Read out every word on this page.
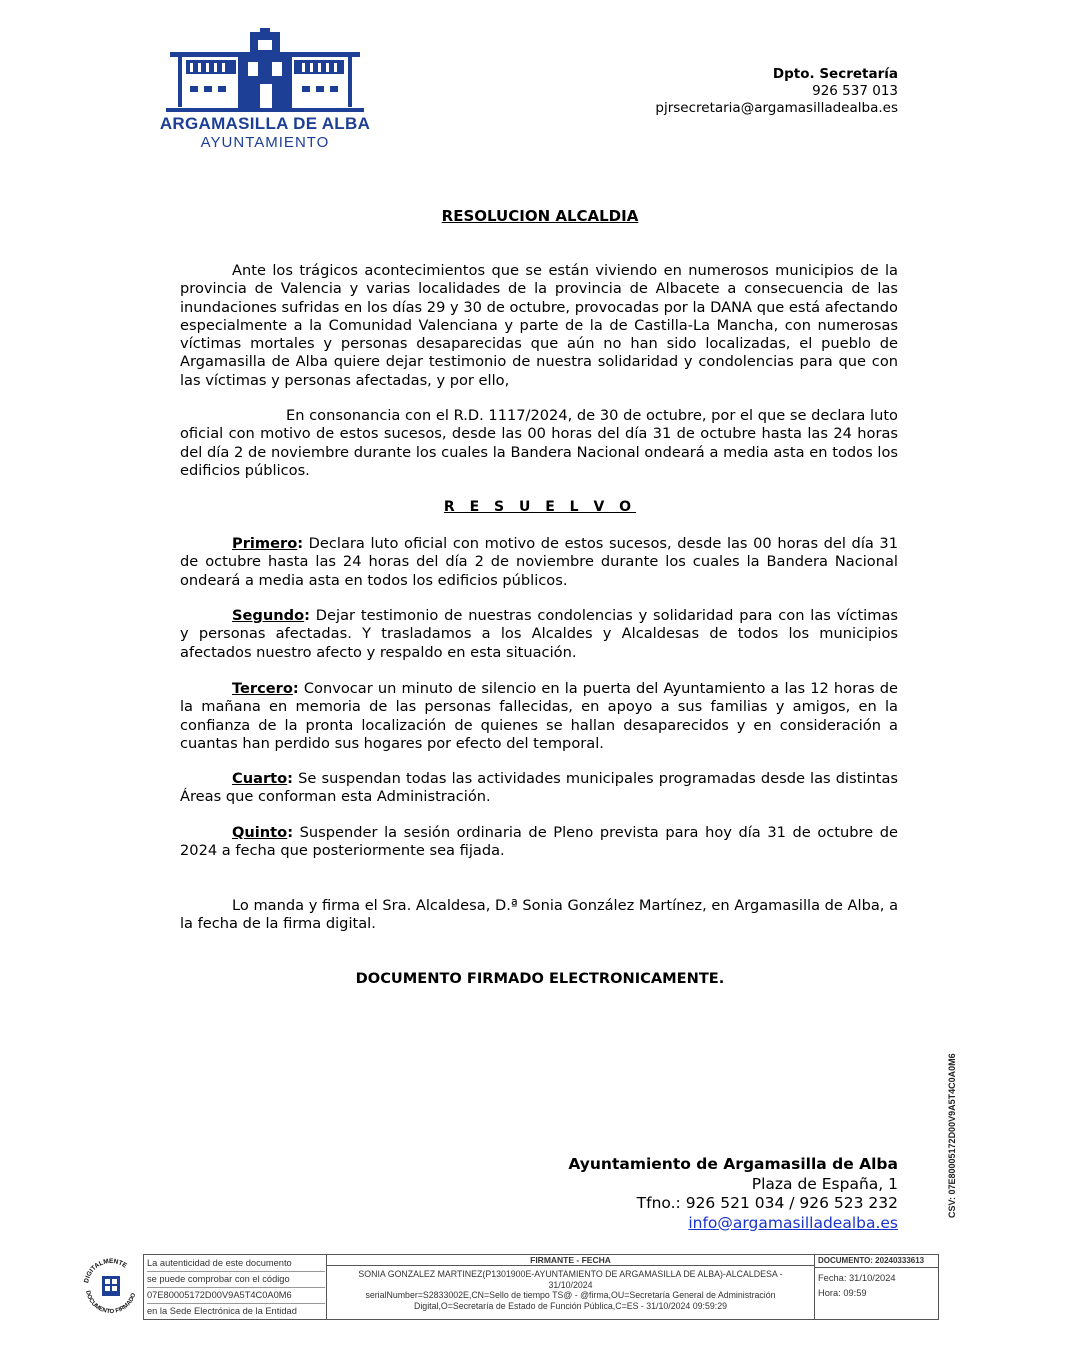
ARGAMASILLA DE ALBA
AYUNTAMIENTO
Dpto. Secretaría
926 537 013
pjrsecretaria@argamasilladealba.es
RESOLUCION ALCALDIA
Ante los trágicos acontecimientos que se están viviendo en numerosos municipios de la provincia de Valencia y varias localidades de la provincia de Albacete a consecuencia de las inundaciones sufridas en los días 29 y 30 de octubre, provocadas por la DANA que está afectando especialmente a la Comunidad Valenciana y parte de la de Castilla-La Mancha, con numerosas víctimas mortales y personas desaparecidas que aún no han sido localizadas, el pueblo de Argamasilla de Alba quiere dejar testimonio de nuestra solidaridad y condolencias para que con las víctimas y personas afectadas, y por ello,
En consonancia con el R.D. 1117/2024, de 30 de octubre, por el que se declara luto oficial con motivo de estos sucesos, desde las 00 horas del día 31 de octubre hasta las 24 horas del día 2 de noviembre durante los cuales la Bandera Nacional ondeará a media asta en todos los edificios públicos.
R E S U E L V O
Primero: Declara luto oficial con motivo de estos sucesos, desde las 00 horas del día 31 de octubre hasta las 24 horas del día 2 de noviembre durante los cuales la Bandera Nacional ondeará a media asta en todos los edificios públicos.
Segundo: Dejar testimonio de nuestras condolencias y solidaridad para con las víctimas y personas afectadas. Y trasladamos a los Alcaldes y Alcaldesas de todos los municipios afectados nuestro afecto y respaldo en esta situación.
Tercero: Convocar un minuto de silencio en la puerta del Ayuntamiento a las 12 horas de la mañana en memoria de las personas fallecidas, en apoyo a sus familias y amigos, en la confianza de la pronta localización de quienes se hallan desaparecidos y en consideración a cuantas han perdido sus hogares por efecto del temporal.
Cuarto: Se suspendan todas las actividades municipales programadas desde las distintas Áreas que conforman esta Administración.
Quinto: Suspender la sesión ordinaria de Pleno prevista para hoy día 31 de octubre de 2024 a fecha que posteriormente sea fijada.
Lo manda y firma el Sra. Alcaldesa, D.ª Sonia González Martínez, en Argamasilla de Alba, a la fecha de la firma digital.
DOCUMENTO FIRMADO ELECTRONICAMENTE.
CSV: 07E80005172D00V9A5T4C0A0M6
Ayuntamiento de Argamasilla de Alba
Plaza de España, 1
Tfno.: 926 521 034 / 926 523 232
info@argamasilladealba.es
DIGITALMENTE
DOCUMENTO FIRMADO
La autenticidad de este documento
se puede comprobar con el código
07E80005172D00V9A5T4C0A0M6
en la Sede Electrónica de la Entidad
FIRMANTE - FECHA
SONIA GONZALEZ MARTINEZ(P1301900E-AYUNTAMIENTO DE ARGAMASILLA DE ALBA)-ALCALDESA -
31/10/2024
serialNumber=S2833002E,CN=Sello de tiempo TS@ - @firma,OU=Secretaría General de Administración
Digital,O=Secretaría de Estado de Función Pública,C=ES - 31/10/2024 09:59:29
DOCUMENTO: 20240333613
Fecha: 31/10/2024
Hora: 09:59
